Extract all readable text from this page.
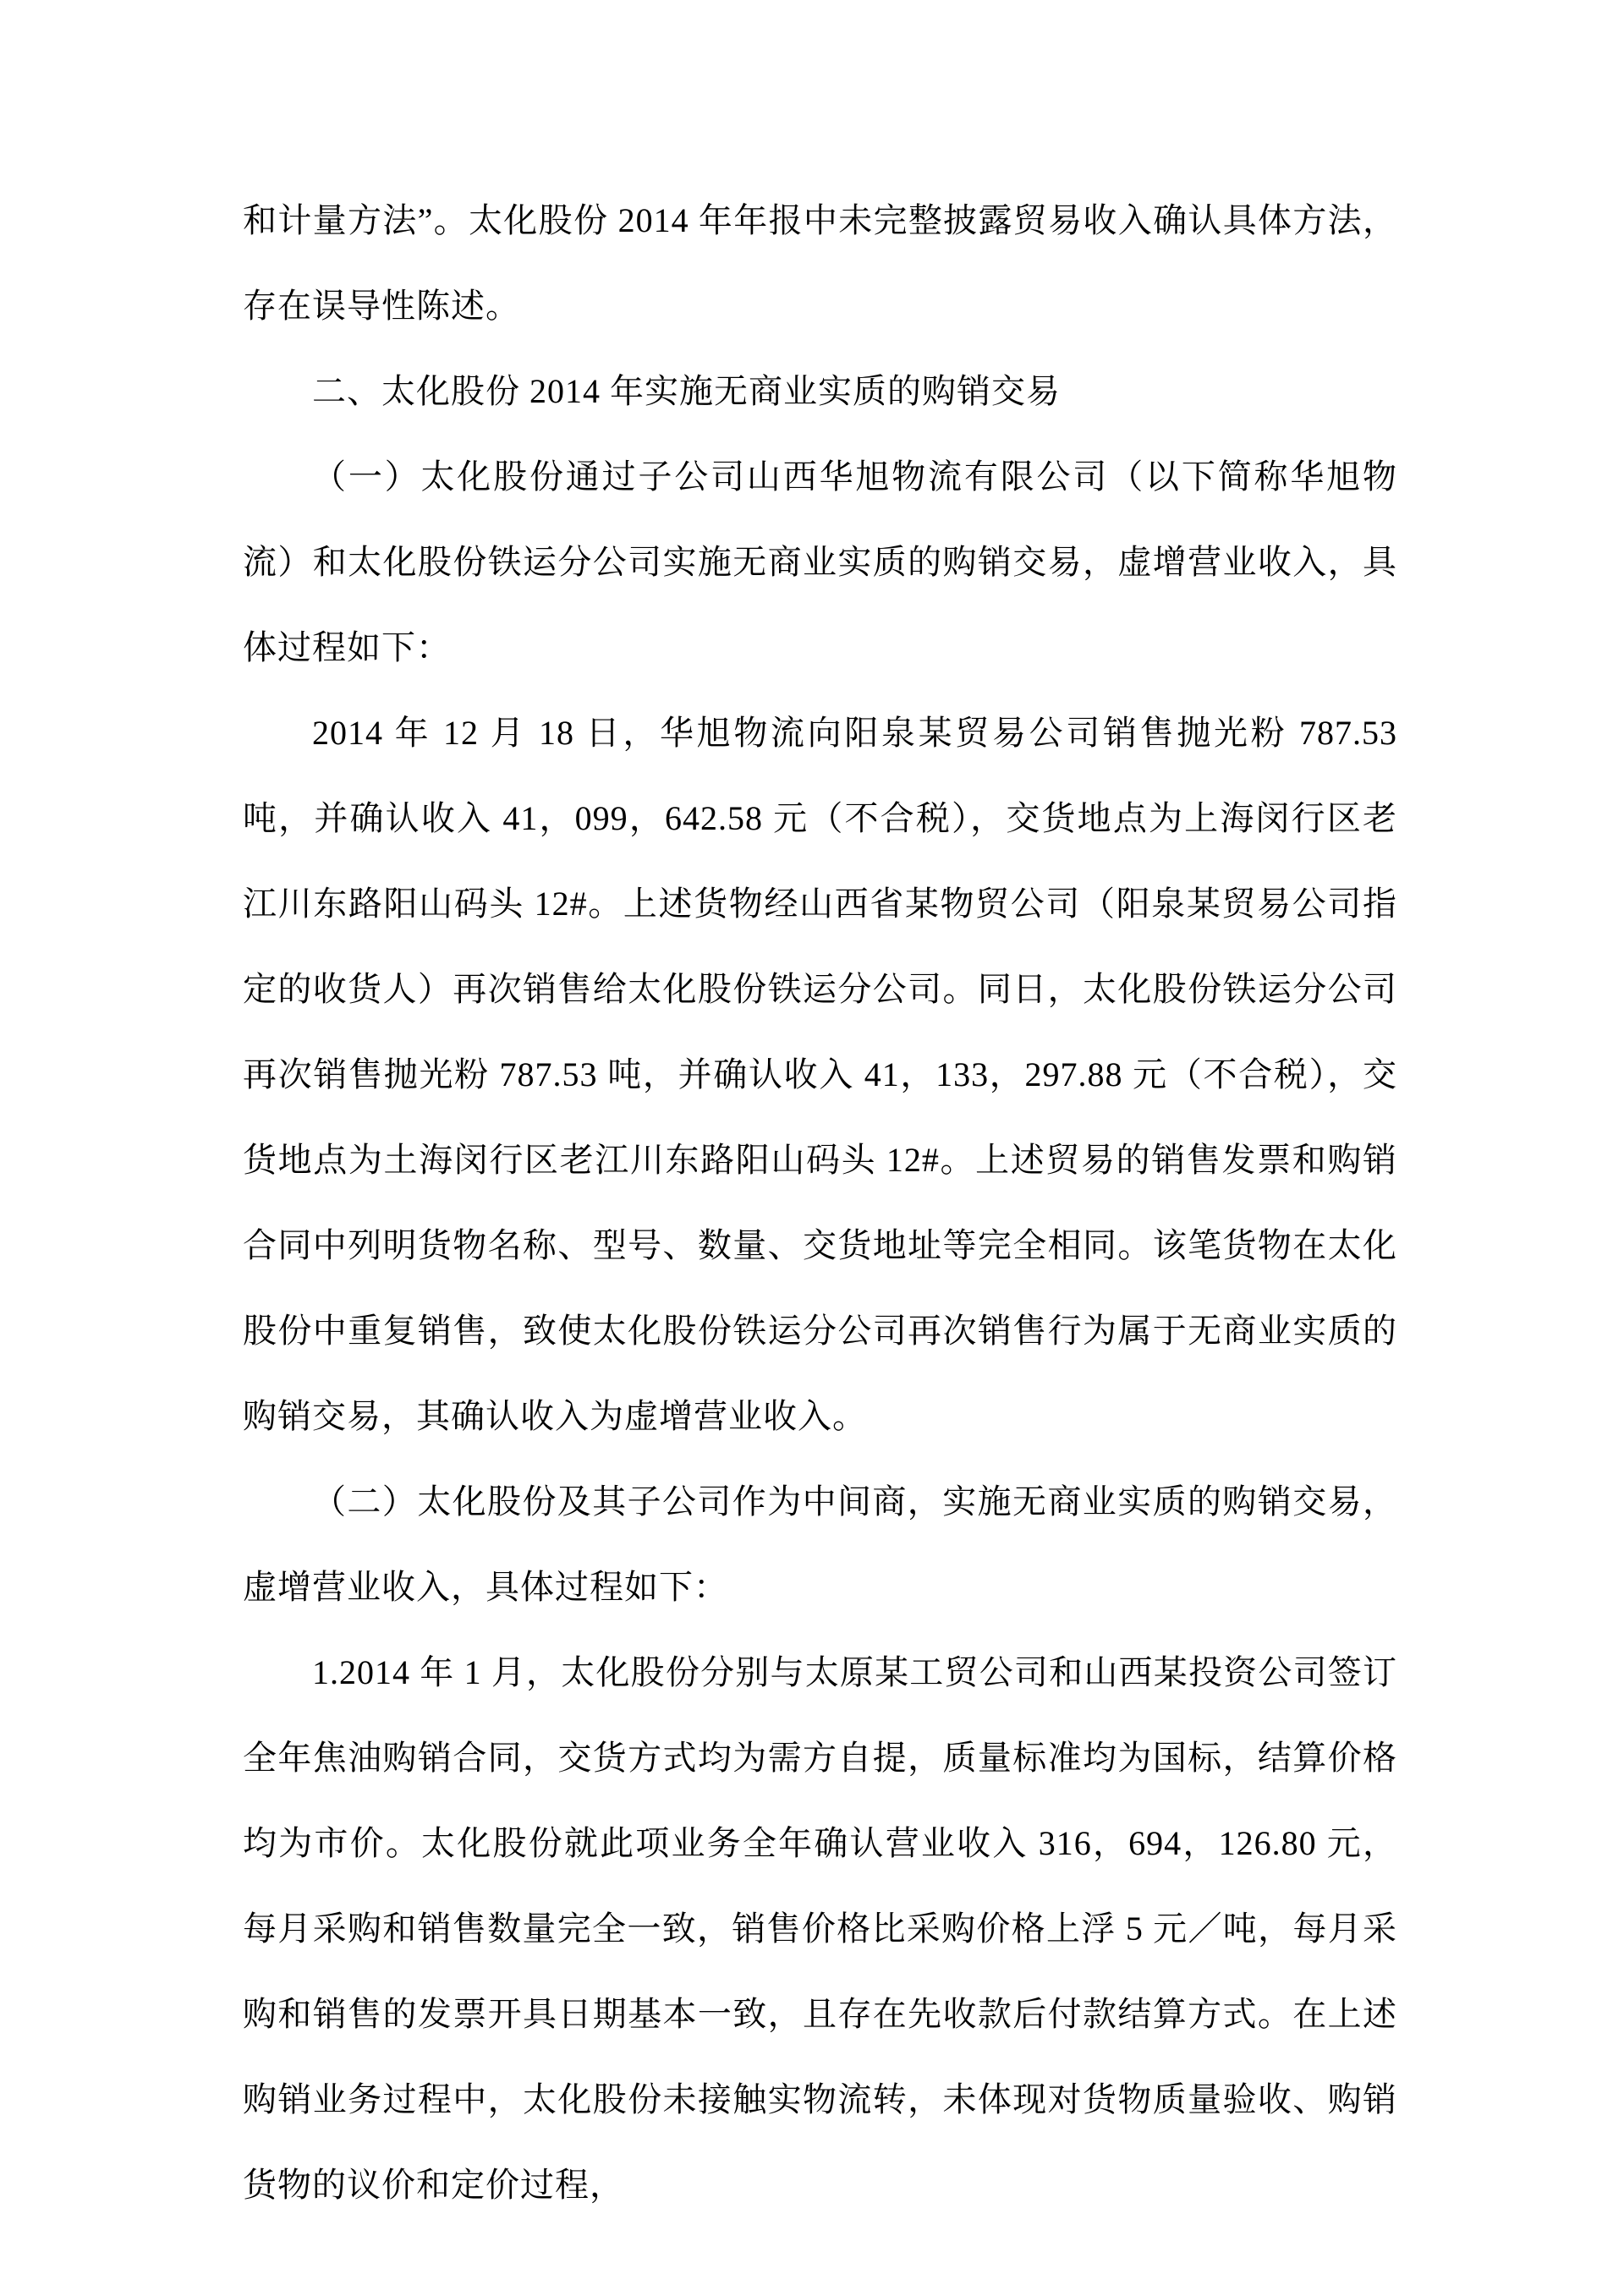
和计量方法”。太化股份 2014 年年报中未完整披露贸易收入确认具体方法，存在误导性陈述。

二、太化股份 2014 年实施无商业实质的购销交易

（一）太化股份通过子公司山西华旭物流有限公司（以下简称华旭物流）和太化股份铁运分公司实施无商业实质的购销交易，虚增营业收入，具体过程如下：

2014 年 12 月 18 日，华旭物流向阳泉某贸易公司销售抛光粉 787.53 吨，并确认收入 41，099，642.58 元（不合税），交货地点为上海闵行区老江川东路阳山码头 12#。上述货物经山西省某物贸公司（阳泉某贸易公司指定的收货人）再次销售给太化股份铁运分公司。同日，太化股份铁运分公司再次销售抛光粉 787.53 吨，并确认收入 41，133，297.88 元（不合税），交货地点为土海闵行区老江川东路阳山码头 12#。上述贸易的销售发票和购销合同中列明货物名称、型号、数量、交货地址等完全相同。该笔货物在太化股份中重复销售，致使太化股份铁运分公司再次销售行为属于无商业实质的购销交易，其确认收入为虚增营业收入。

（二）太化股份及其子公司作为中间商，实施无商业实质的购销交易，虚增营业收入，具体过程如下：

1.2014 年 1 月，太化股份分别与太原某工贸公司和山西某投资公司签订全年焦油购销合同，交货方式均为需方自提，质量标准均为国标，结算价格均为市价。太化股份就此项业务全年确认营业收入 316，694，126.80 元，每月采购和销售数量完全一致，销售价格比采购价格上浮 5 元／吨，每月采购和销售的发票开具日期基本一致，且存在先收款后付款结算方式。在上述购销业务过程中，太化股份未接触实物流转，未体现对货物质量验收、购销货物的议价和定价过程，
